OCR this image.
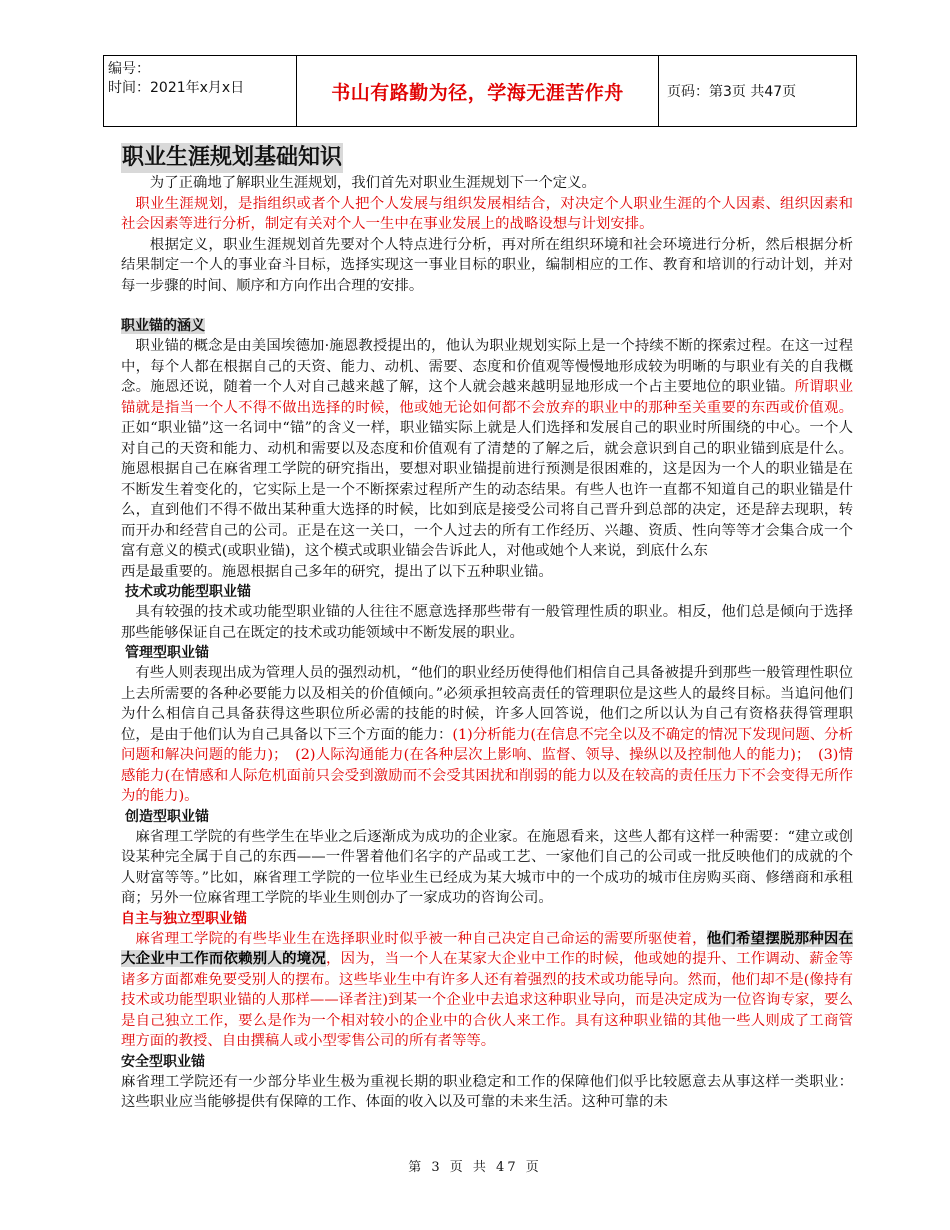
编号：
时间：2021年x月x日	书山有路勤为径，学海无涯苦作舟	页码：第3页 共47页
职业生涯规划基础知识

为了正确地了解职业生涯规划，我们首先对职业生涯规划下一个定义。

职业生涯规划，是指组织或者个人把个人发展与组织发展相结合，对决定个人职业生涯的个人因素、组织因素和社会因素等进行分析，制定有关对个人一生中在事业发展上的战略设想与计划安排。

根据定义，职业生涯规划首先要对个人特点进行分析，再对所在组织环境和社会环境进行分析，然后根据分析结果制定一个人的事业奋斗目标，选择实现这一事业目标的职业，编制相应的工作、教育和培训的行动计划，并对每一步骤的时间、顺序和方向作出合理的安排。

职业锚的涵义

职业锚的概念是由美国埃德加·施恩教授提出的，他认为职业规划实际上是一个持续不断的探索过程。在这一过程中，每个人都在根据自己的天资、能力、动机、需要、态度和价值观等慢慢地形成较为明晰的与职业有关的自我概念。施恩还说，随着一个人对自己越来越了解，这个人就会越来越明显地形成一个占主要地位的职业锚。所谓职业锚就是指当一个人不得不做出选择的时候，他或她无论如何都不会放弃的职业中的那种至关重要的东西或价值观。正如“职业锚”这一名词中“锚”的含义一样，职业锚实际上就是人们选择和发展自己的职业时所围绕的中心。一个人对自己的天资和能力、动机和需要以及态度和价值观有了清楚的了解之后，就会意识到自己的职业锚到底是什么。施恩根据自己在麻省理工学院的研究指出，要想对职业锚提前进行预测是很困难的，这是因为一个人的职业锚是在不断发生着变化的，它实际上是一个不断探索过程所产生的动态结果。有些人也许一直都不知道自己的职业锚是什么，直到他们不得不做出某种重大选择的时候，比如到底是接受公司将自己晋升到总部的决定，还是辞去现职，转而开办和经营自己的公司。正是在这一关口，一个人过去的所有工作经历、兴趣、资质、性向等等才会集合成一个富有意义的模式(或职业锚)，这个模式或职业锚会告诉此人，对他或她个人来说，到底什么东

西是最重要的。施恩根据自己多年的研究，提出了以下五种职业锚。

技术或功能型职业锚

具有较强的技术或功能型职业锚的人往往不愿意选择那些带有一般管理性质的职业。相反，他们总是倾向于选择那些能够保证自己在既定的技术或功能领域中不断发展的职业。

管理型职业锚

有些人则表现出成为管理人员的强烈动机，“他们的职业经历使得他们相信自己具备被提升到那些一般管理性职位上去所需要的各种必要能力以及相关的价值倾向。”必须承担较高责任的管理职位是这些人的最终目标。当追问他们为什么相信自己具备获得这些职位所必需的技能的时候，许多人回答说，他们之所以认为自己有资格获得管理职位，是由于他们认为自己具备以下三个方面的能力：(1)分析能力(在信息不完全以及不确定的情况下发现问题、分析问题和解决问题的能力)；　(2)人际沟通能力(在各种层次上影响、监督、领导、操纵以及控制他人的能力)；　(3)情感能力(在情感和人际危机面前只会受到激励而不会受其困扰和削弱的能力以及在较高的责任压力下不会变得无所作为的能力)。

创造型职业锚

麻省理工学院的有些学生在毕业之后逐渐成为成功的企业家。在施恩看来，这些人都有这样一种需要：“建立或创设某种完全属于自己的东西——一件署着他们名字的产品或工艺、一家他们自己的公司或一批反映他们的成就的个人财富等等。”比如，麻省理工学院的一位毕业生已经成为某大城市中的一个成功的城市住房购买商、修缮商和承租商；另外一位麻省理工学院的毕业生则创办了一家成功的咨询公司。

自主与独立型职业锚

麻省理工学院的有些毕业生在选择职业时似乎被一种自己决定自己命运的需要所驱使着，他们希望摆脱那种因在大企业中工作而依赖别人的境况，因为，当一个人在某家大企业中工作的时候，他或她的提升、工作调动、薪金等诸多方面都难免要受别人的摆布。这些毕业生中有许多人还有着强烈的技术或功能导向。然而，他们却不是(像持有技术或功能型职业锚的人那样——译者注)到某一个企业中去追求这种职业导向，而是决定成为一位咨询专家，要么是自己独立工作，要么是作为一个相对较小的企业中的合伙人来工作。具有这种职业锚的其他一些人则成了工商管理方面的教授、自由撰稿人或小型零售公司的所有者等等。

安全型职业锚

麻省理工学院还有一少部分毕业生极为重视长期的职业稳定和工作的保障他们似乎比较愿意去从事这样一类职业：这些职业应当能够提供有保障的工作、体面的收入以及可靠的未来生活。这种可靠的未

第 3 页 共 47 页
